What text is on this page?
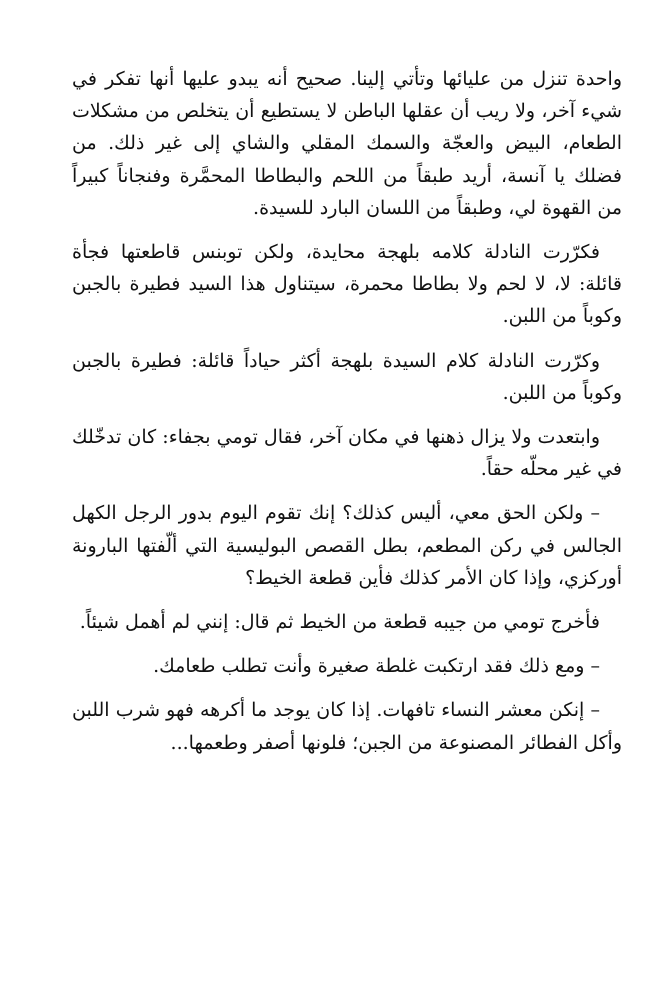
واحدة تنزل من عليائها وتأتي إلينا. صحيح أنه يبدو عليها أنها تفكر في شيء آخر، ولا ريب أن عقلها الباطن لا يستطيع أن يتخلص من مشكلات الطعام، البيض والعجّة والسمك المقلي والشاي إلى غير ذلك. من فضلك يا آنسة، أريد طبقاً من اللحم والبطاطا المحمَّرة وفنجاناً كبيراً من القهوة لي، وطبقاً من اللسان البارد للسيدة.

فكرّرت النادلة كلامه بلهجة محايدة، ولكن توبنس قاطعتها فجأة قائلة: لا، لا لحم ولا بطاطا محمرة، سيتناول هذا السيد فطيرة بالجبن وكوباً من اللبن.

وكرّرت النادلة كلام السيدة بلهجة أكثر حياداً قائلة: فطيرة بالجبن وكوباً من اللبن.

وابتعدت ولا يزال ذهنها في مكان آخر، فقال تومي بجفاء: كان تدخّلك في غير محلّه حقاً.

– ولكن الحق معي، أليس كذلك؟ إنك تقوم اليوم بدور الرجل الكهل الجالس في ركن المطعم، بطل القصص البوليسية التي ألّفتها البارونة أوركزي، وإذا كان الأمر كذلك فأين قطعة الخيط؟

فأخرج تومي من جيبه قطعة من الخيط ثم قال: إنني لم أهمل شيئاً.

– ومع ذلك فقد ارتكبت غلطة صغيرة وأنت تطلب طعامك.

– إنكن معشر النساء تافهات. إذا كان يوجد ما أكرهه فهو شرب اللبن وأكل الفطائر المصنوعة من الجبن؛ فلونها أصفر وطعمها...
